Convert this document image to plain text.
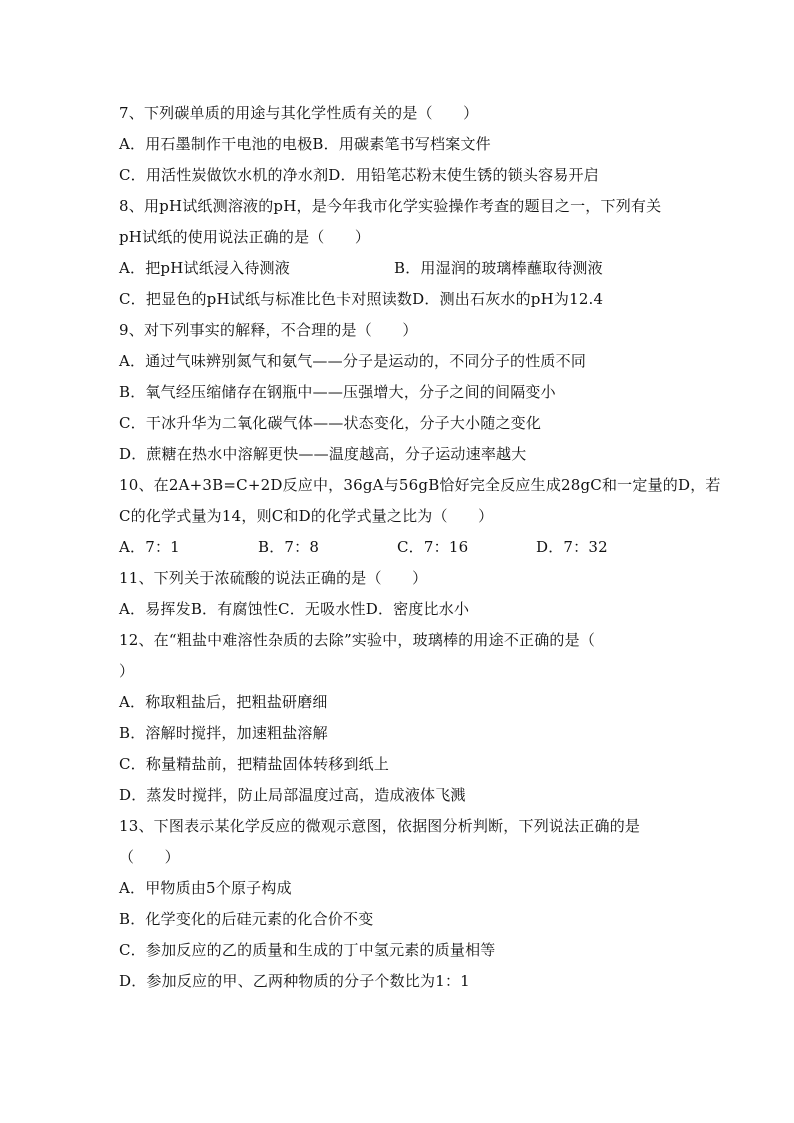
7、下列碳单质的用途与其化学性质有关的是（　　）
A．用石墨制作干电池的电极B．用碳素笔书写档案文件
C．用活性炭做饮水机的净水剂D．用铅笔芯粉末使生锈的锁头容易开启
8、用pH试纸测溶液的pH，是今年我市化学实验操作考查的题目之一，下列有关
pH试纸的使用说法正确的是（　　）
A．把pH试纸浸入待测液	B．用湿润的玻璃棒蘸取待测液
C．把显色的pH试纸与标准比色卡对照读数D．测出石灰水的pH为12.4
9、对下列事实的解释，不合理的是（　　）
A．通过气味辨别氮气和氨气——分子是运动的，不同分子的性质不同
B．氧气经压缩储存在钢瓶中——压强增大，分子之间的间隔变小
C．干冰升华为二氧化碳气体——状态变化，分子大小随之变化
D．蔗糖在热水中溶解更快——温度越高，分子运动速率越大
10、在2A+3B=C+2D反应中，36gA与56gB恰好完全反应生成28gC和一定量的D，若
C的化学式量为14，则C和D的化学式量之比为（　　）
A．7：1	B．7：8	C．7：16	D．7：32
11、下列关于浓硫酸的说法正确的是（　　）
A．易挥发B．有腐蚀性C．无吸水性D．密度比水小
12、在“粗盐中难溶性杂质的去除”实验中，玻璃棒的用途不正确的是（
）
A．称取粗盐后，把粗盐研磨细
B．溶解时搅拌，加速粗盐溶解
C．称量精盐前，把精盐固体转移到纸上
D．蒸发时搅拌，防止局部温度过高，造成液体飞溅
13、下图表示某化学反应的微观示意图，依据图分析判断，下列说法正确的是
（　　）
A．甲物质由5个原子构成
B．化学变化的后硅元素的化合价不变
C．参加反应的乙的质量和生成的丁中氢元素的质量相等
D．参加反应的甲、乙两种物质的分子个数比为1：1
